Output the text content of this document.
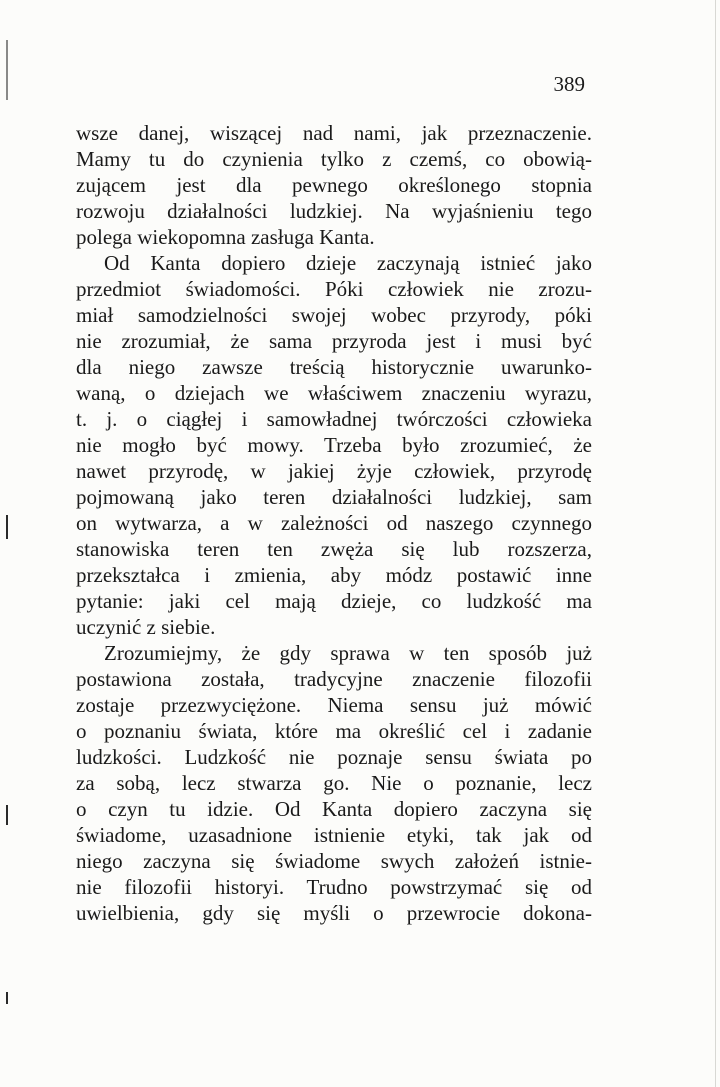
389
wsze danej, wiszącej nad nami, jak przeznaczenie.
Mamy tu do czynienia tylko z czemś, co obowią-
zującem jest dla pewnego określonego stopnia
rozwoju działalności ludzkiej. Na wyjaśnieniu tego
polega wiekopomna zasługa Kanta.
Od Kanta dopiero dzieje zaczynają istnieć jako
przedmiot świadomości. Póki człowiek nie zrozu-
miał samodzielności swojej wobec przyrody, póki
nie zrozumiał, że sama przyroda jest i musi być
dla niego zawsze treścią historycznie uwarunko-
waną, o dziejach we właściwem znaczeniu wyrazu,
t. j. o ciągłej i samowładnej twórczości człowieka
nie mogło być mowy. Trzeba było zrozumieć, że
nawet przyrodę, w jakiej żyje człowiek, przyrodę
pojmowaną jako teren działalności ludzkiej, sam
on wytwarza, a w zależności od naszego czynnego
stanowiska teren ten zwęża się lub rozszerza,
przekształca i zmienia, aby módz postawić inne
pytanie: jaki cel mają dzieje, co ludzkość ma
uczynić z siebie.
Zrozumiejmy, że gdy sprawa w ten sposób już
postawiona została, tradycyjne znaczenie filozofii
zostaje przezwyciężone. Niema sensu już mówić
o poznaniu świata, które ma określić cel i zadanie
ludzkości. Ludzkość nie poznaje sensu świata po
za sobą, lecz stwarza go. Nie o poznanie, lecz
o czyn tu idzie. Od Kanta dopiero zaczyna się
świadome, uzasadnione istnienie etyki, tak jak od
niego zaczyna się świadome swych założeń istnie-
nie filozofii historyi. Trudno powstrzymać się od
uwielbienia, gdy się myśli o przewrocie dokona-
